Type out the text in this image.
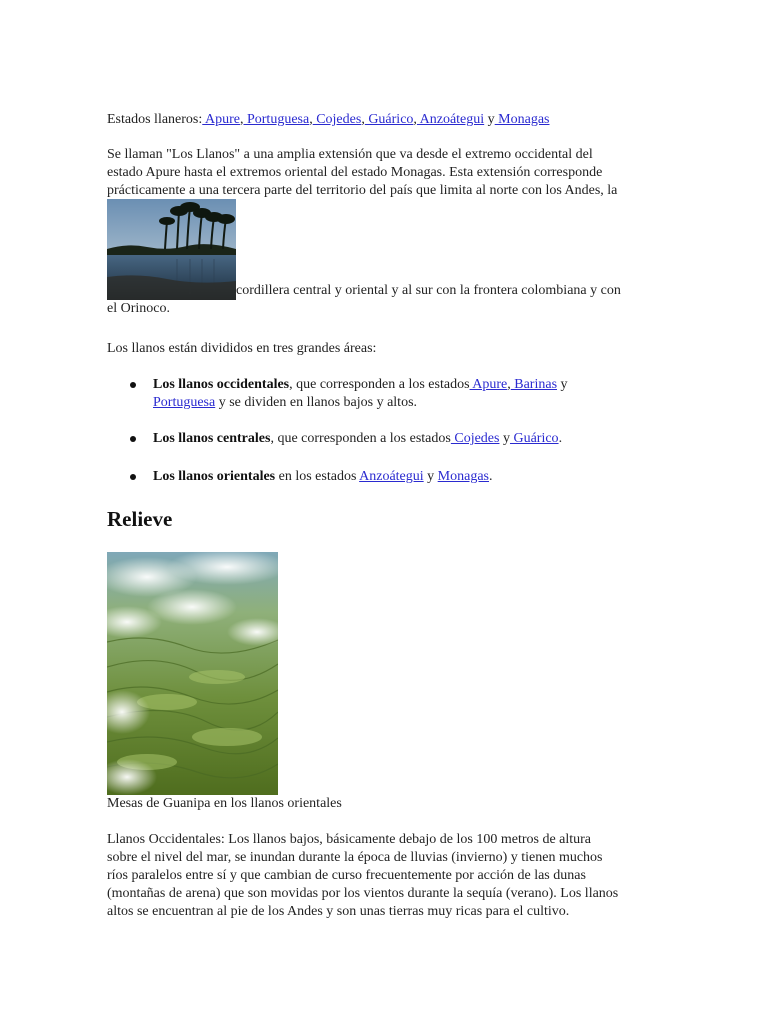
Estados llaneros: Apure, Portuguesa, Cojedes, Guárico, Anzoátegui y Monagas

Se llaman "Los Llanos" a una amplia extensión que va desde el extremo occidental del
estado Apure hasta el extremos oriental del estado Monagas. Esta extensión corresponde
prácticamente a una tercera parte del territorio del país que limita al norte con los Andes, la

cordillera central y oriental y al sur con la frontera colombiana y con
el Orinoco.

Los llanos están divididos en tres grandes áreas:

Los llanos occidentales, que corresponden a los estados Apure, Barinas y
Portuguesa y se dividen en llanos bajos y altos.
Los llanos centrales, que corresponden a los estados Cojedes y Guárico.
Los llanos orientales en los estados Anzoátegui y Monagas.
Relieve

Mesas de Guanipa en los llanos orientales

Llanos Occidentales: Los llanos bajos, básicamente debajo de los 100 metros de altura
sobre el nivel del mar, se inundan durante la época de lluvias (invierno) y tienen muchos
ríos paralelos entre sí y que cambian de curso frecuentemente por acción de las dunas
(montañas de arena) que son movidas por los vientos durante la sequía (verano). Los llanos
altos se encuentran al pie de los Andes y son unas tierras muy ricas para el cultivo.
